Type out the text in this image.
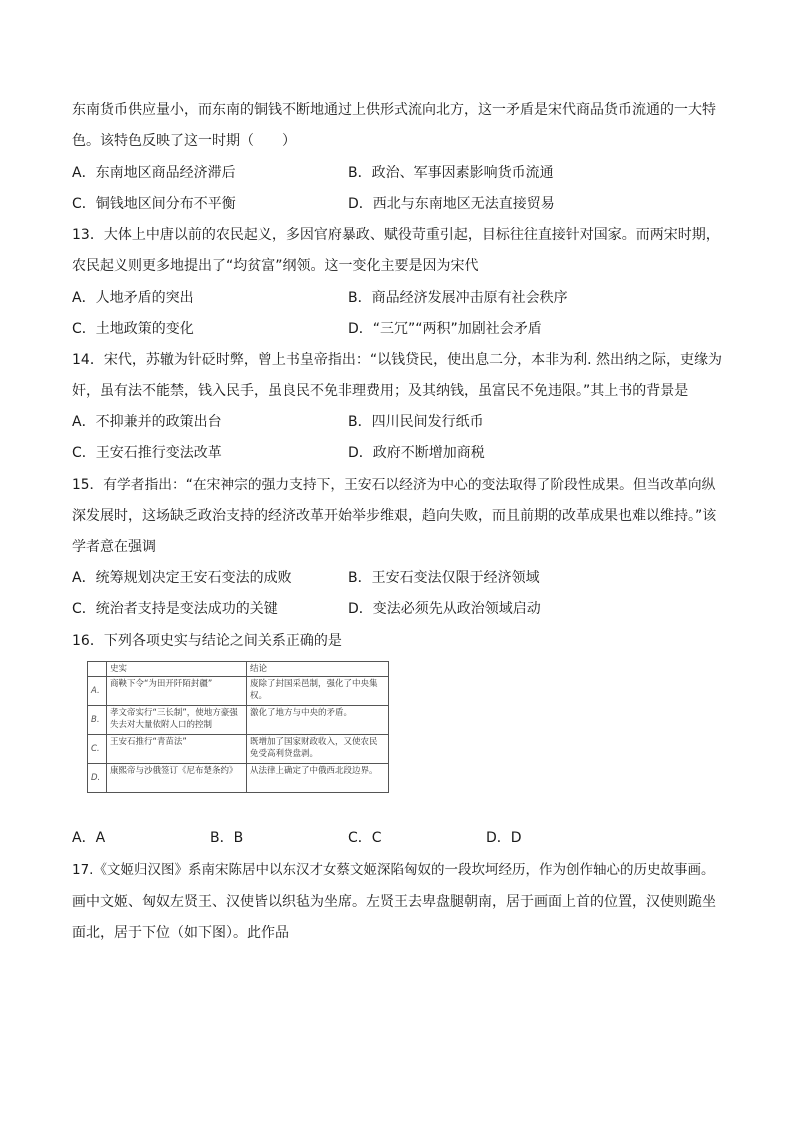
东南货币供应量小，而东南的铜钱不断地通过上供形式流向北方，这一矛盾是宋代商品货币流通的一大特
色。该特色反映了这一时期（　　）
A．东南地区商品经济滞后	B．政治、军事因素影响货币流通
C．铜钱地区间分布不平衡	D．西北与东南地区无法直接贸易
13．大体上中唐以前的农民起义，多因官府暴政、赋役苛重引起，目标往往直接针对国家。而两宋时期，
农民起义则更多地提出了“均贫富”纲领。这一变化主要是因为宋代
A．人地矛盾的突出	B．商品经济发展冲击原有社会秩序
C．土地政策的变化	D．“三冗”“两积”加剧社会矛盾
14．宋代，苏辙为针砭时弊，曾上书皇帝指出：“以钱贷民，使出息二分，本非为利. 然出纳之际，吏缘为
奸，虽有法不能禁，钱入民手，虽良民不免非理费用；及其纳钱，虽富民不免违限。”其上书的背景是
A．不抑兼并的政策出台	B．四川民间发行纸币
C．王安石推行变法改革	D．政府不断增加商税
15．有学者指出：“在宋神宗的强力支持下，王安石以经济为中心的变法取得了阶段性成果。但当改革向纵
深发展时，这场缺乏政治支持的经济改革开始举步维艰，趋向失败，而且前期的改革成果也难以维持。”该
学者意在强调
A．统筹规划决定王安石变法的成败	B．王安石变法仅限于经济领域
C．统治者支持是变法成功的关键	D．变法必须先从政治领域启动
16．下列各项史实与结论之间关系正确的是
	史实	结论
A.	商鞅下令“为田开阡陌封疆”	废除了封国采邑制，强化了中央集权。
B.	孝文帝实行“三长制”，使地方豪强失去对大量依附人口的控制	激化了地方与中央的矛盾。
C.	王安石推行“青苗法”	既增加了国家财政收入，又使农民免受高利贷盘剥。
D.	康熙帝与沙俄签订《尼布楚条约》	从法律上确定了中俄西北段边界。
A．A	B．B	C．C	D．D
17.《文姬归汉图》系南宋陈居中以东汉才女蔡文姬深陷匈奴的一段坎坷经历，作为创作轴心的历史故事画。
画中文姬、匈奴左贤王、汉使皆以织毡为坐席。左贤王去卑盘腿朝南，居于画面上首的位置，汉使则跪坐
面北，居于下位（如下图）。此作品
